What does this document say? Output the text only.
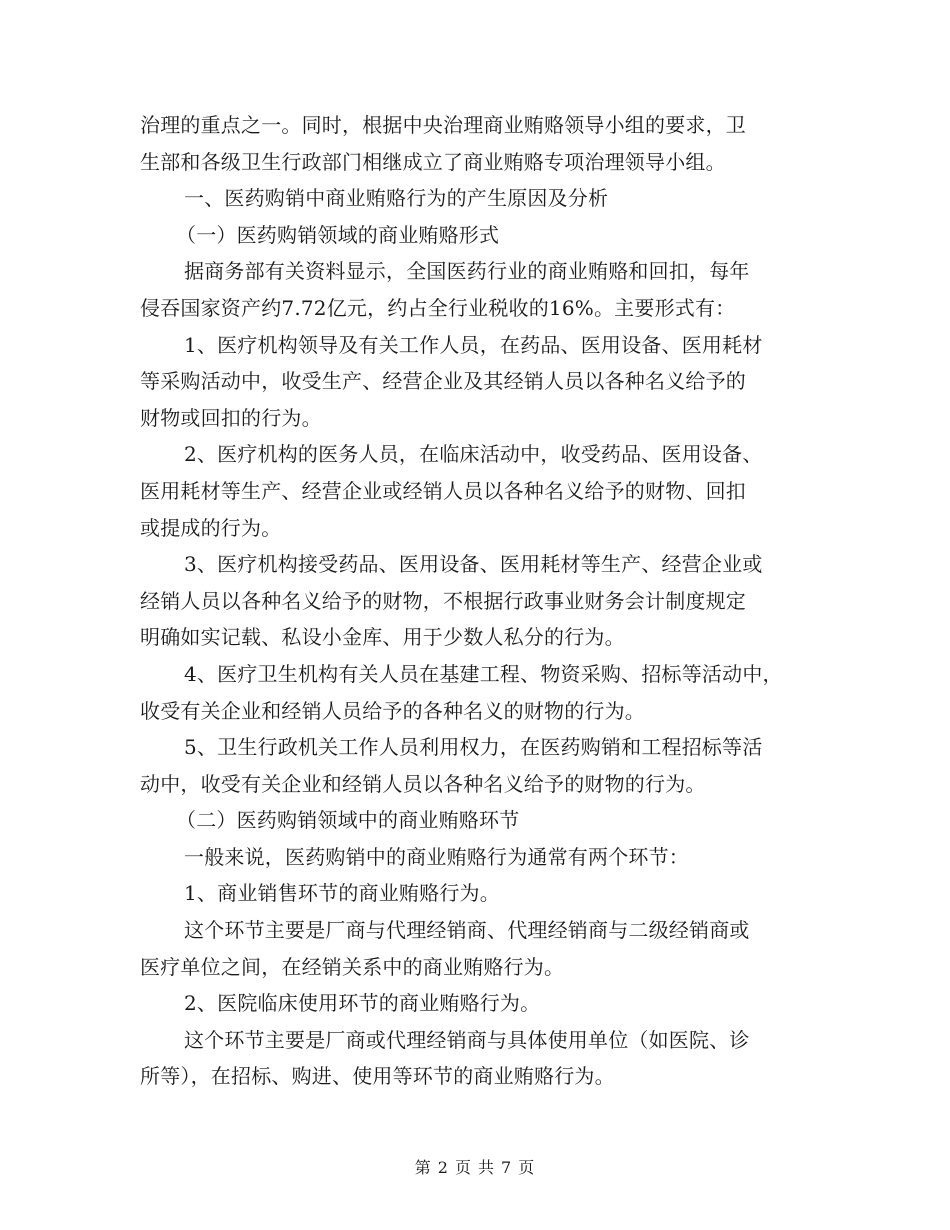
治理的重点之一。同时，根据中央治理商业贿赂领导小组的要求，卫
生部和各级卫生行政部门相继成立了商业贿赂专项治理领导小组。
一、医药购销中商业贿赂行为的产生原因及分析
（一）医药购销领域的商业贿赂形式
据商务部有关资料显示，全国医药行业的商业贿赂和回扣，每年
侵吞国家资产约7.72亿元，约占全行业税收的16%。主要形式有：
1、医疗机构领导及有关工作人员，在药品、医用设备、医用耗材
等采购活动中，收受生产、经营企业及其经销人员以各种名义给予的
财物或回扣的行为。
2、医疗机构的医务人员，在临床活动中，收受药品、医用设备、
医用耗材等生产、经营企业或经销人员以各种名义给予的财物、回扣
或提成的行为。
3、医疗机构接受药品、医用设备、医用耗材等生产、经营企业或
经销人员以各种名义给予的财物，不根据行政事业财务会计制度规定
明确如实记载、私设小金库、用于少数人私分的行为。
4、医疗卫生机构有关人员在基建工程、物资采购、招标等活动中，
收受有关企业和经销人员给予的各种名义的财物的行为。
5、卫生行政机关工作人员利用权力，在医药购销和工程招标等活
动中，收受有关企业和经销人员以各种名义给予的财物的行为。
（二）医药购销领域中的商业贿赂环节
一般来说，医药购销中的商业贿赂行为通常有两个环节：
1、商业销售环节的商业贿赂行为。
这个环节主要是厂商与代理经销商、代理经销商与二级经销商或
医疗单位之间，在经销关系中的商业贿赂行为。
2、医院临床使用环节的商业贿赂行为。
这个环节主要是厂商或代理经销商与具体使用单位（如医院、诊
所等），在招标、购进、使用等环节的商业贿赂行为。
第 2 页 共 7 页
